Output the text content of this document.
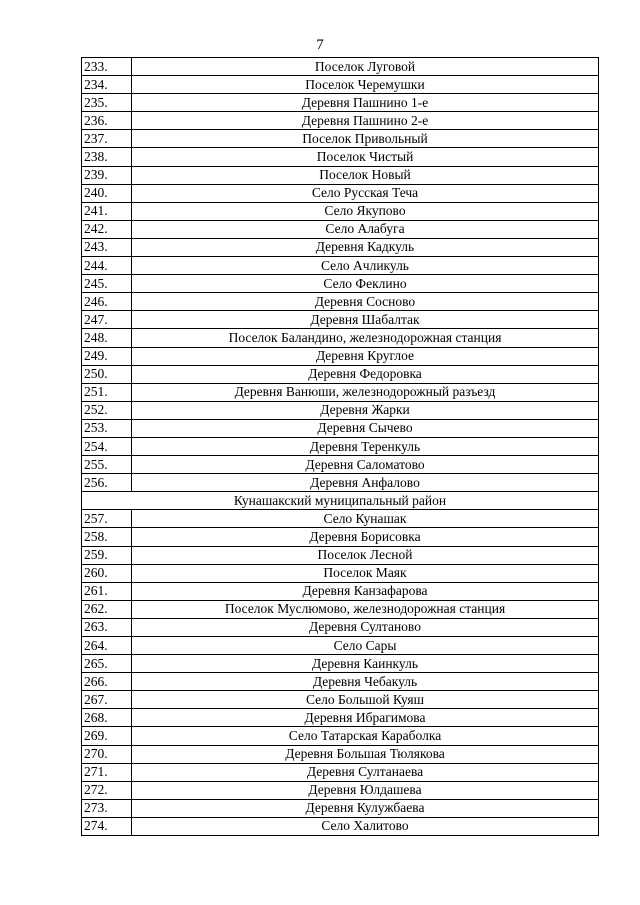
7
233.	Поселок Луговой
234.	Поселок Черемушки
235.	Деревня Пашнино 1-е
236.	Деревня Пашнино 2-е
237.	Поселок Привольный
238.	Поселок Чистый
239.	Поселок Новый
240.	Село Русская Теча
241.	Село Якупово
242.	Село Алабуга
243.	Деревня Кадкуль
244.	Село Ачликуль
245.	Село Феклино
246.	Деревня Сосново
247.	Деревня Шабалтак
248.	Поселок Баландино, железнодорожная станция
249.	Деревня Круглое
250.	Деревня Федоровка
251.	Деревня Ванюши, железнодорожный разъезд
252.	Деревня Жарки
253.	Деревня Сычево
254.	Деревня Теренкуль
255.	Деревня Саломатово
256.	Деревня Анфалово
Кунашакский муниципальный район	
257.	Село Кунашак
258.	Деревня Борисовка
259.	Поселок Лесной
260.	Поселок Маяк
261.	Деревня Канзафарова
262.	Поселок Муслюмово, железнодорожная станция
263.	Деревня Султаново
264.	Село Сары
265.	Деревня Каинкуль
266.	Деревня Чебакуль
267.	Село Большой Куяш
268.	Деревня Ибрагимова
269.	Село Татарская Караболка
270.	Деревня Большая Тюлякова
271.	Деревня Султанаева
272.	Деревня Юлдашева
273.	Деревня Кулужбаева
274.	Село Халитово
